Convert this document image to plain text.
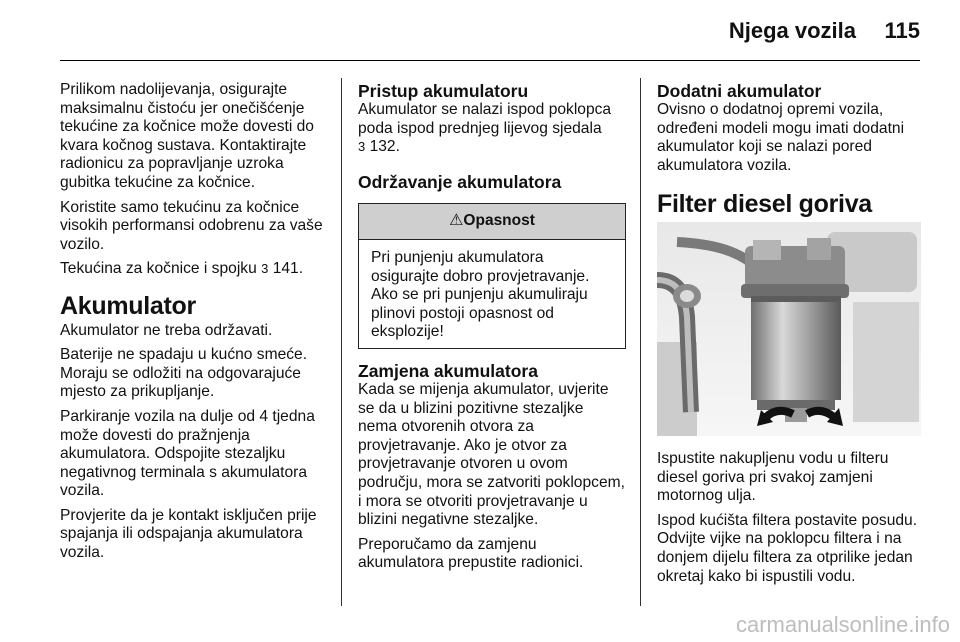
Njega vozila 115

Prilikom nadolijevanja, osigurajte maksimalnu čistoću jer onečišćenje tekućine za kočnice može dovesti do kvara kočnog sustava. Kontaktirajte radionicu za popravljanje uzroka gubitka tekućine za kočnice.

Koristite samo tekućinu za kočnice visokih performansi odobrenu za vaše vozilo.

Tekućina za kočnice i spojku 3 141.

Akumulator

Akumulator ne treba održavati.

Baterije ne spadaju u kućno smeće. Moraju se odložiti na odgovarajuće mjesto za prikupljanje.

Parkiranje vozila na dulje od 4 tjedna može dovesti do pražnjenja akumulatora. Odspojite stezaljku negativnog terminala s akumulatora vozila.

Provjerite da je kontakt isključen prije spajanja ili odspajanja akumulatora vozila.

Pristup akumulatoru

Akumulator se nalazi ispod poklopca poda ispod prednjeg lijevog sjedala
3 132.

Održavanje akumulatora
⚠Opasnost

Pri punjenju akumulatora osigurajte dobro provjetravanje. Ako se pri punjenju akumuliraju plinovi postoji opasnost od eksplozije!

Zamjena akumulatora

Kada se mijenja akumulator, uvjerite se da u blizini pozitivne stezaljke nema otvorenih otvora za provjetravanje. Ako je otvor za provjetravanje otvoren u ovom području, mora se zatvoriti poklopcem, i mora se otvoriti provjetravanje u blizini negativne stezaljke.

Preporučamo da zamjenu akumulatora prepustite radionici.

Dodatni akumulator

Ovisno o dodatnoj opremi vozila, određeni modeli mogu imati dodatni akumulator koji se nalazi pored akumulatora vozila.

Filter diesel goriva

Ispustite nakupljenu vodu u filteru diesel goriva pri svakoj zamjeni motornog ulja.

Ispod kućišta filtera postavite posudu. Odvijte vijke na poklopcu filtera i na donjem dijelu filtera za otprilike jedan okretaj kako bi ispustili vodu.

carmanualsonline.info
